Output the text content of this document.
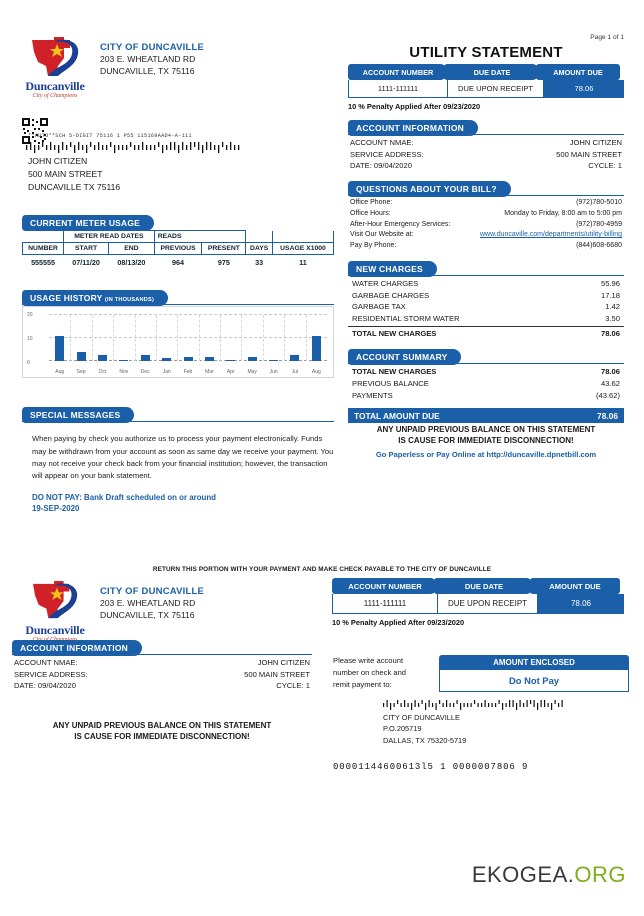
Duncanville
City of Champions
CITY OF DUNCAVILLE
203 E. WHEATLAND RD
DUNCAVILLE, TX 75116
**AUTO**SCH 5-DIGIT 75116 1 P55 115169AAD4-A-111
JOHN CITIZEN
500 MAIN STREET
DUNCAVILLE TX 75116
CURRENT METER USAGE
	METER READ DATES		READS			
NUMBER	START	END	PREVIOUS	PRESENT	DAYS	USAGE X1000
555555	07/11/20	08/13/20	964	975	33	11
USAGE HISTORY (IN THOUSANDS)
0
10
20
Aug	Sep	Oct	Nov	Dec	Jan	Feb	Mar	Apr	May	Jun	Jul	Aug
SPECIAL MESSAGES
When paying by check you authorize us to process your payment electronically. Funds may be withdrawn from your account as soon as same day we receive your payment. You may not receive your check back from your financial institution; however, the transaction will appear on your bank statement.
DO NOT PAY: Bank Draft scheduled on or around
19-SEP-2020
Page 1 of 1
UTILITY STATEMENT
ACCOUNT NUMBER	DUE DATE	AMOUNT DUE
1111-111111	DUE UPON RECEIPT	78.06
10 % Penalty Applied After 09/23/2020
ACCOUNT INFORMATION
ACCOUNT NMAE:	JOHN CITIZEN
SERVICE ADDRESS:	500 MAIN STREET
DATE: 09/04/2020	CYCLE: 1
QUESTIONS ABOUT YOUR BILL?
Office Phone:	(972)780-5010
Office Hours:	Monday to Friday, 8:00 am to 5:00 pm
After-Hour Emergency Services:	(972)780-4959
Visit Our Website at:	www.duncaville.com/departments/utility-billing
Pay By Phone:	(844)608-6680
NEW CHARGES
WATER CHARGES	55.96
GARBAGE CHARGES	17.18
GARBAGE TAX	1.42
RESIDENTIAL STORM WATER	3.50
TOTAL NEW CHARGES	78.06
ACCOUNT SUMMARY
TOTAL NEW CHARGES	78.06
PREVIOUS BALANCE	43.62
PAYMENTS	(43.62)
TOTAL AMOUNT DUE	78.06
ANY UNPAID PREVIOUS BALANCE ON THIS STATEMENT
IS CAUSE FOR IMMEDIATE DISCONNECTION!
Go Paperless or Pay Online at http://duncaville.dpnetbill.com
RETURN THIS PORTION WITH YOUR PAYMENT AND MAKE CHECK PAYABLE TO THE CITY OF DUNCAVILLE
Duncanville
CITY OF DUNCAVILLE
203 E. WHEATLAND RD
DUNCAVILLE, TX 75116
ACCOUNT NUMBER	DUE DATE	AMOUNT DUE
1111-111111	DUE UPON RECEIPT	78.06
10 % Penalty Applied After 09/23/2020
ACCOUNT INFORMATION
ACCOUNT NMAE:	JOHN CITIZEN
SERVICE ADDRESS:	500 MAIN STREET
DATE: 09/04/2020	CYCLE: 1
ANY UNPAID PREVIOUS BALANCE ON THIS STATEMENT
IS CAUSE FOR IMMEDIATE DISCONNECTION!
Please write account
number on check and
remit payment to:
AMOUNT ENCLOSED
Do Not Pay
CITY OF DUNCAVILLE
P.O.205719
DALLAS, TX 75320-5719
00001144600613l5 1 0000007806 9
EKOGEA.ORG
